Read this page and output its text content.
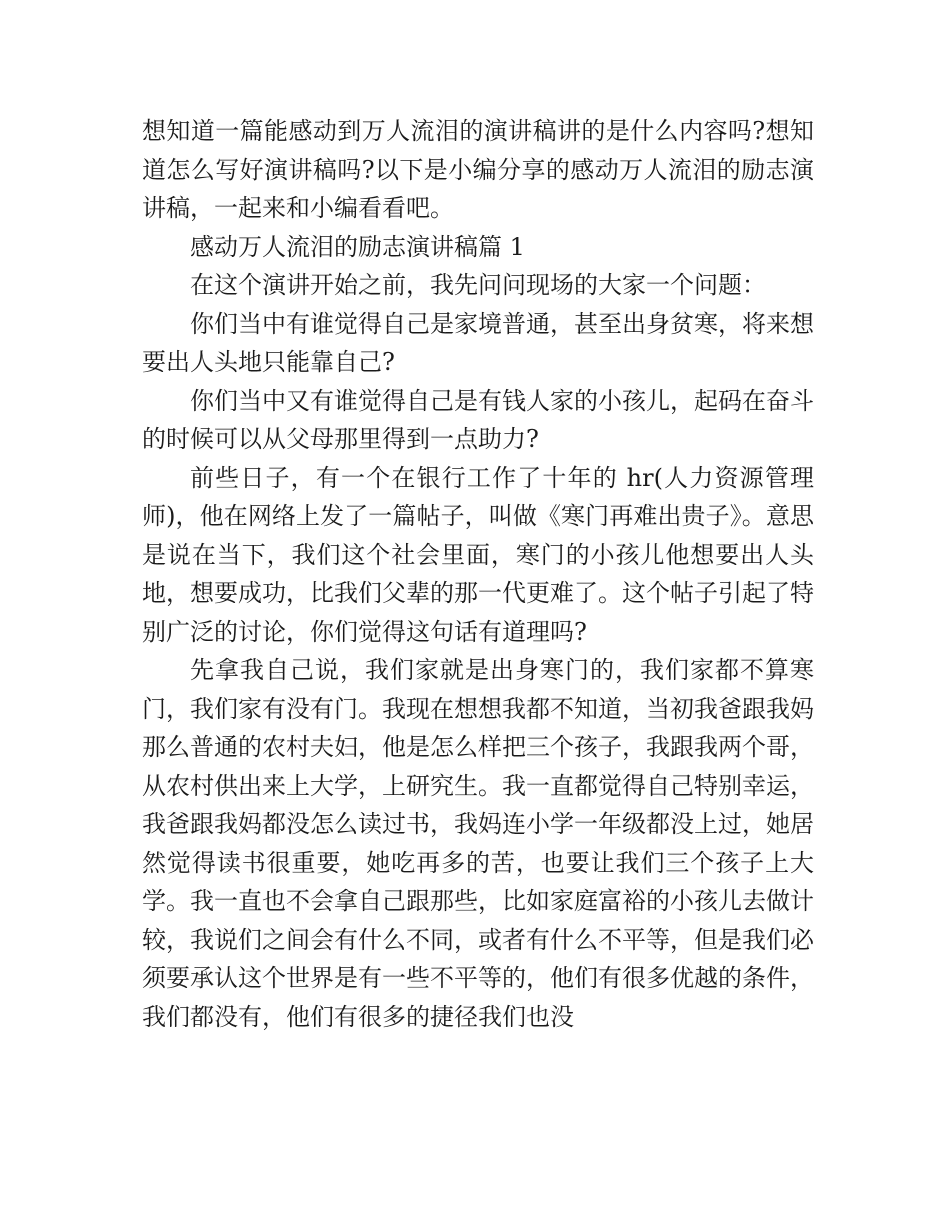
想知道一篇能感动到万人流泪的演讲稿讲的是什么内容吗?想知道怎么写好演讲稿吗?以下是小编分享的感动万人流泪的励志演讲稿，一起来和小编看看吧。

感动万人流泪的励志演讲稿篇 1

在这个演讲开始之前，我先问问现场的大家一个问题：

你们当中有谁觉得自己是家境普通，甚至出身贫寒，将来想要出人头地只能靠自己?

你们当中又有谁觉得自己是有钱人家的小孩儿，起码在奋斗的时候可以从父母那里得到一点助力?

前些日子，有一个在银行工作了十年的 hr(人力资源管理师)，他在网络上发了一篇帖子，叫做《寒门再难出贵子》。意思是说在当下，我们这个社会里面，寒门的小孩儿他想要出人头地，想要成功，比我们父辈的那一代更难了。这个帖子引起了特别广泛的讨论，你们觉得这句话有道理吗?

先拿我自己说，我们家就是出身寒门的，我们家都不算寒门，我们家有没有门。我现在想想我都不知道，当初我爸跟我妈那么普通的农村夫妇，他是怎么样把三个孩子，我跟我两个哥，从农村供出来上大学，上研究生。我一直都觉得自己特别幸运，我爸跟我妈都没怎么读过书，我妈连小学一年级都没上过，她居然觉得读书很重要，她吃再多的苦，也要让我们三个孩子上大学。我一直也不会拿自己跟那些，比如家庭富裕的小孩儿去做计较，我说们之间会有什么不同，或者有什么不平等，但是我们必须要承认这个世界是有一些不平等的，他们有很多优越的条件，我们都没有，他们有很多的捷径我们也没
